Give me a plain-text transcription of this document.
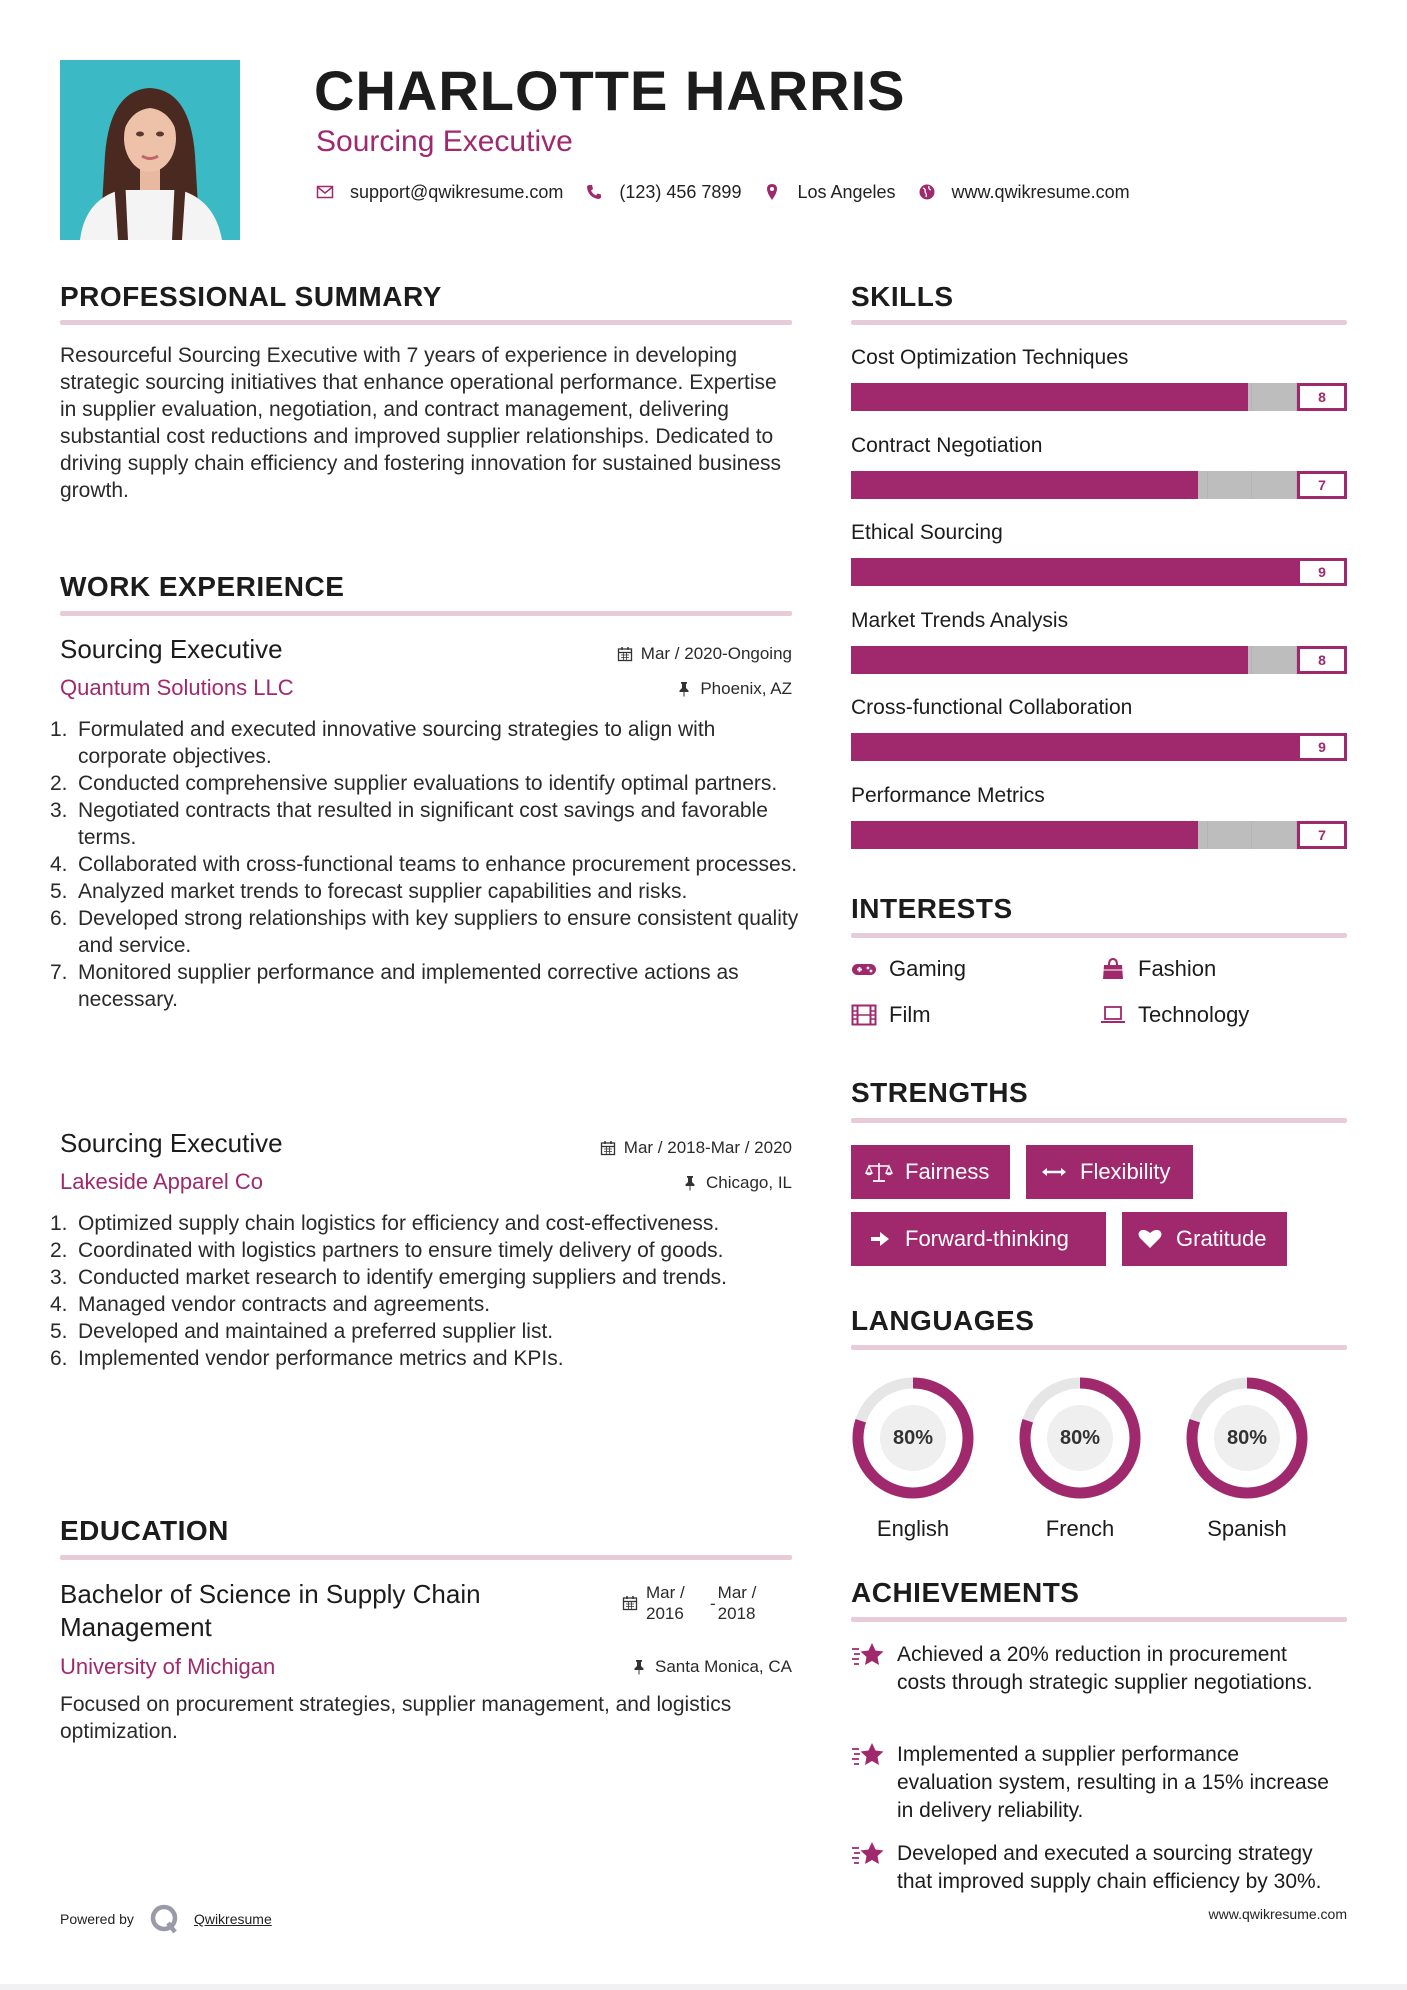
CHARLOTTE HARRIS
Sourcing Executive
support@qwikresume.com	(123) 456 7899	Los Angeles	www.qwikresume.com
PROFESSIONAL SUMMARY
Resourceful Sourcing Executive with 7 years of experience in developing strategic sourcing initiatives that enhance operational performance. Expertise in supplier evaluation, negotiation, and contract management, delivering substantial cost reductions and improved supplier relationships. Dedicated to driving supply chain efficiency and fostering innovation for sustained business growth.
WORK EXPERIENCE
Sourcing Executive	Mar / 2020-Ongoing
Quantum Solutions LLC	Phoenix, AZ
1. Formulated and executed innovative sourcing strategies to align with corporate objectives.
2. Conducted comprehensive supplier evaluations to identify optimal partners.
3. Negotiated contracts that resulted in significant cost savings and favorable terms.
4. Collaborated with cross-functional teams to enhance procurement processes.
5. Analyzed market trends to forecast supplier capabilities and risks.
6. Developed strong relationships with key suppliers to ensure consistent quality and service.
7. Monitored supplier performance and implemented corrective actions as necessary.
Sourcing Executive	Mar / 2018-Mar / 2020
Lakeside Apparel Co	Chicago, IL
1. Optimized supply chain logistics for efficiency and cost-effectiveness.
2. Coordinated with logistics partners to ensure timely delivery of goods.
3. Conducted market research to identify emerging suppliers and trends.
4. Managed vendor contracts and agreements.
5. Developed and maintained a preferred supplier list.
6. Implemented vendor performance metrics and KPIs.
EDUCATION
Bachelor of Science in Supply Chain Management
Mar / 2016
-
Mar / 2018
University of Michigan	Santa Monica, CA
Focused on procurement strategies, supplier management, and logistics optimization.
SKILLS
Cost Optimization Techniques
8
Contract Negotiation
7
Ethical Sourcing
9
Market Trends Analysis
8
Cross-functional Collaboration
9
Performance Metrics
7
INTERESTS
Gaming	Fashion
Film	Technology
STRENGTHS
Fairness	Flexibility
Forward-thinking	Gratitude
LANGUAGES
80%
English
80%
French
80%
Spanish
ACHIEVEMENTS
Achieved a 20% reduction in procurement costs through strategic supplier negotiations.
Implemented a supplier performance evaluation system, resulting in a 15% increase in delivery reliability.
Developed and executed a sourcing strategy that improved supply chain efficiency by 30%.
Powered by	Qwikresume	www.qwikresume.com
